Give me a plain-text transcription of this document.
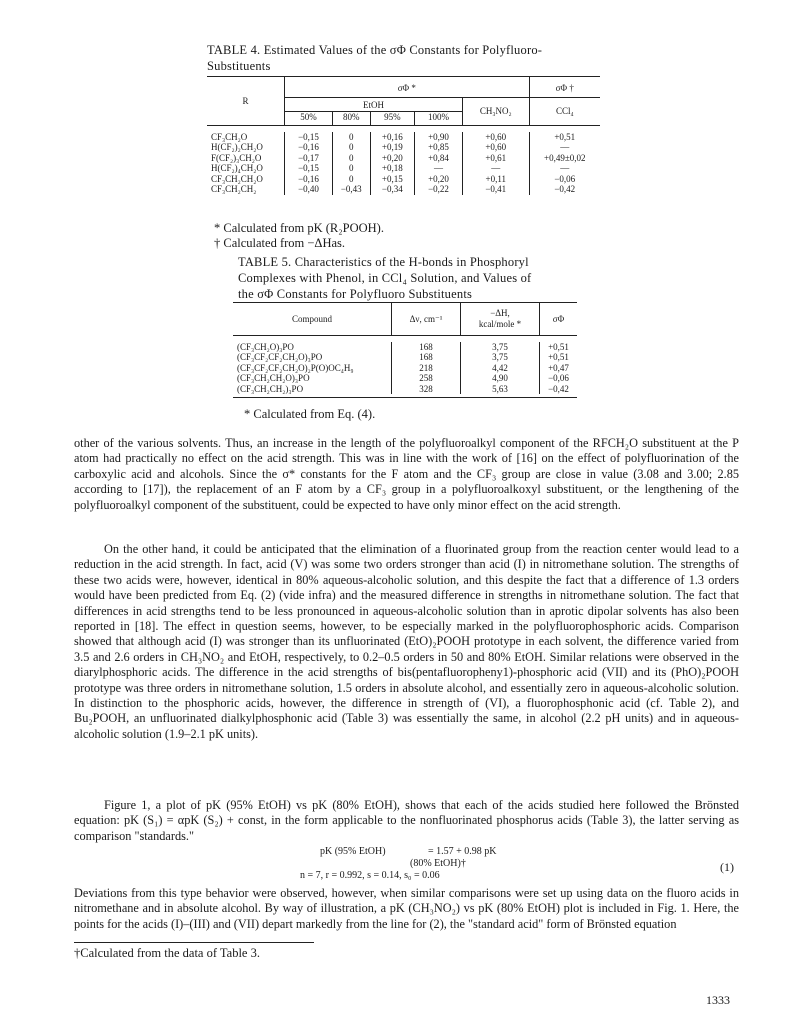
TABLE 4. Estimated Values of the σΦ Constants for Polyfluoro-
Substituents
R	σΦ *					σΦ †
	EtOH				CH₃NO₂	CCl₄
	50%	80%	95%	100%		

CF₃CH₂O	−0,15	0	+0,16	+0,90	+0,60	+0,51
H(CF₂)₂CH₂O	−0,16	0	+0,19	+0,85	+0,60	—
F(CF₂)₃CH₂O	−0,17	0	+0,20	+0,84	+0,61	+0,49±0,02
H(CF₂)₄CH₂O	−0,15	0	+0,18	—	—	—
CF₃CH₂CH₂O	−0,16	0	+0,15	+0,20	+0,11	−0,06
CF₃CH₂CH₂	−0,40	−0,43	−0,34	−0,22	−0,41	−0,42
* Calculated from pK (R₂POOH).
† Calculated from −ΔHas.
TABLE 5. Characteristics of the H-bonds in Phosphoryl
Complexes with Phenol, in CCl₄ Solution, and Values of
the σΦ Constants for Polyfluoro Substituents
Compound	Δν, cm⁻¹	−ΔH,
kcal/mole *	σΦ

(CF₃CH₂O)₃PO	168	3,75	+0,51
(CF₃CF₂CF₂CH₂O)₃PO	168	3,75	+0,51
(CF₃CF₂CF₂CH₂O)₂P(O)OC₄H₉	218	4,42	+0,47
(CF₃CH₂CH₂O)₃PO	258	4,90	−0,06
(CF₃CH₂CH₂)₃PO	328	5,63	−0,42
* Calculated from Eq. (4).

other of the various solvents. Thus, an increase in the length of the polyfluoroalkyl component of the RFCH₂O substituent at the P atom had practically no effect on the acid strength. This was in line with the work of [16] on the effect of polyfluorination of the carboxylic acid and alcohols. Since the σ* constants for the F atom and the CF₃ group are close in value (3.08 and 3.00; 2.85 according to [17]), the replacement of an F atom by a CF₃ group in a polyfluoroalkoxyl substituent, or the lengthening of the polyfluoroalkyl component of the substituent, could be expected to have only minor effect on the acid strength.

On the other hand, it could be anticipated that the elimination of a fluorinated group from the reaction center would lead to a reduction in the acid strength. In fact, acid (V) was some two orders stronger than acid (I) in nitromethane solution. The strengths of these two acids were, however, identical in 80% aqueous-alcoholic solution, and this despite the fact that a difference of 1.3 orders would have been predicted from Eq. (2) (vide infra) and the measured difference in strengths in nitromethane solution. The fact that differences in acid strengths tend to be less pronounced in aqueous-alcoholic solution than in aprotic dipolar solvents has also been reported in [18]. The effect in question seems, however, to be especially marked in the polyfluorophosphoric acids. Comparison showed that although acid (I) was stronger than its unfluorinated (EtO)₂POOH prototype in each solvent, the difference varied from 3.5 and 2.6 orders in CH₃NO₂ and EtOH, respectively, to 0.2–0.5 orders in 50 and 80% EtOH. Similar relations were observed in the diarylphosphoric acids. The difference in the acid strengths of bis(pentafluoropheny1)-phosphoric acid (VII) and its (PhO)₂POOH prototype was three orders in nitromethane solution, 1.5 orders in absolute alcohol, and essentially zero in aqueous-alcoholic solution. In distinction to the phosphoric acids, however, the difference in strength of (VI), a fluorophosphonic acid (cf. Table 2), and Bu₂POOH, an unfluorinated dialkylphosphonic acid (Table 3) was essentially the same, in alcohol (2.2 pH units) and in aqueous-alcoholic solution (1.9–2.1 pK units).

Figure 1, a plot of pK (95% EtOH) vs pK (80% EtOH), shows that each of the acids studied here followed the Brönsted equation: pK (S₁) = αpK (S₂) + const, in the form applicable to the nonfluorinated phosphorus acids (Table 3), the latter serving as comparison "standards."

pK (95% EtOH)	= 1.57 + 0.98 pK
(80% EtOH)†
n = 7, r = 0.992, s = 0.14, s₀ = 0.06
(1)

Deviations from this type behavior were observed, however, when similar comparisons were set up using data on the fluoro acids in nitromethane and in absolute alcohol. By way of illustration, a pK (CH₃NO₂) vs pK (80% EtOH) plot is included in Fig. 1. Here, the points for the acids (I)–(III) and (VII) depart markedly from the line for (2), the "standard acid" form of Brönsted equation

†Calculated from the data of Table 3.
1333
